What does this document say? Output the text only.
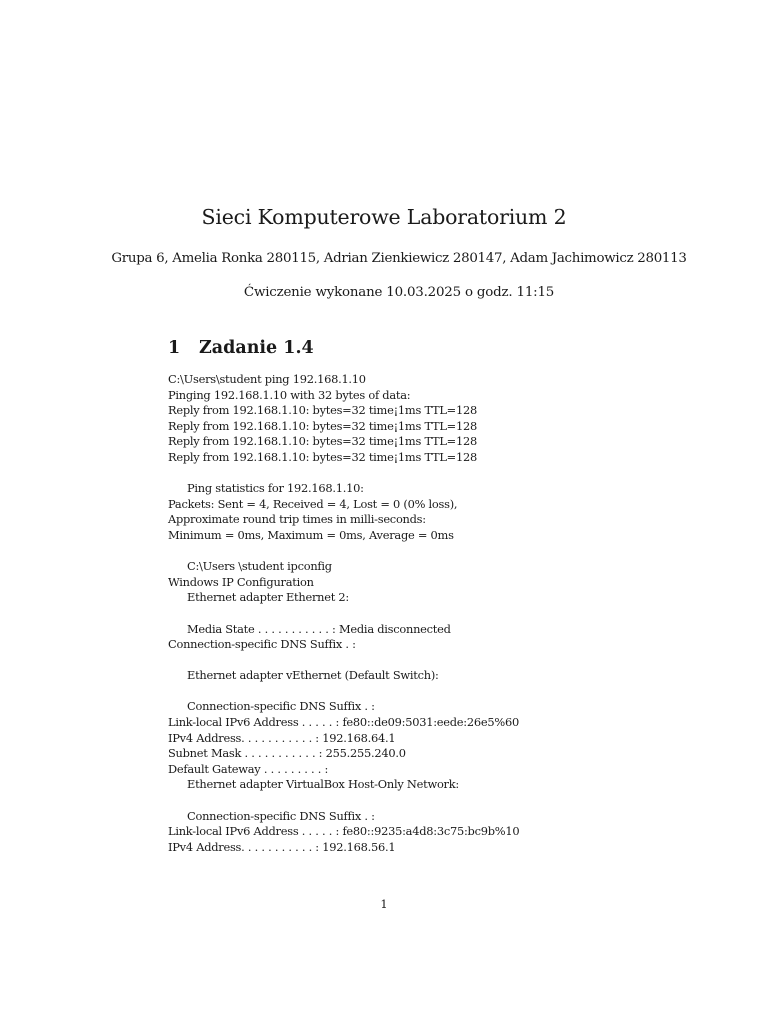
Sieci Komputerowe Laboratorium 2
Grupa 6, Amelia Ronka 280115, Adrian Zienkiewicz 280147, Adam Jachimowicz 280113
Ćwiczenie wykonane 10.03.2025 o godz. 11:15
1 Zadanie 1.4
C:\Users\student ping 192.168.1.10
Pinging 192.168.1.10 with 32 bytes of data:
Reply from 192.168.1.10: bytes=32 time¡1ms TTL=128
Reply from 192.168.1.10: bytes=32 time¡1ms TTL=128
Reply from 192.168.1.10: bytes=32 time¡1ms TTL=128
Reply from 192.168.1.10: bytes=32 time¡1ms TTL=128
Ping statistics for 192.168.1.10:
Packets: Sent = 4, Received = 4, Lost = 0 (0% loss),
Approximate round trip times in milli-seconds:
Minimum = 0ms, Maximum = 0ms, Average = 0ms
C:\Users \student ipconfig
Windows IP Configuration
Ethernet adapter Ethernet 2:
Media State . . . . . . . . . . . : Media disconnected
Connection-specific DNS Suffix . :
Ethernet adapter vEthernet (Default Switch):
Connection-specific DNS Suffix . :
Link-local IPv6 Address . . . . . : fe80::de09:5031:eede:26e5%60
IPv4 Address. . . . . . . . . . . : 192.168.64.1
Subnet Mask . . . . . . . . . . . : 255.255.240.0
Default Gateway . . . . . . . . . :
Ethernet adapter VirtualBox Host-Only Network:
Connection-specific DNS Suffix . :
Link-local IPv6 Address . . . . . : fe80::9235:a4d8:3c75:bc9b%10
IPv4 Address. . . . . . . . . . . : 192.168.56.1
1
